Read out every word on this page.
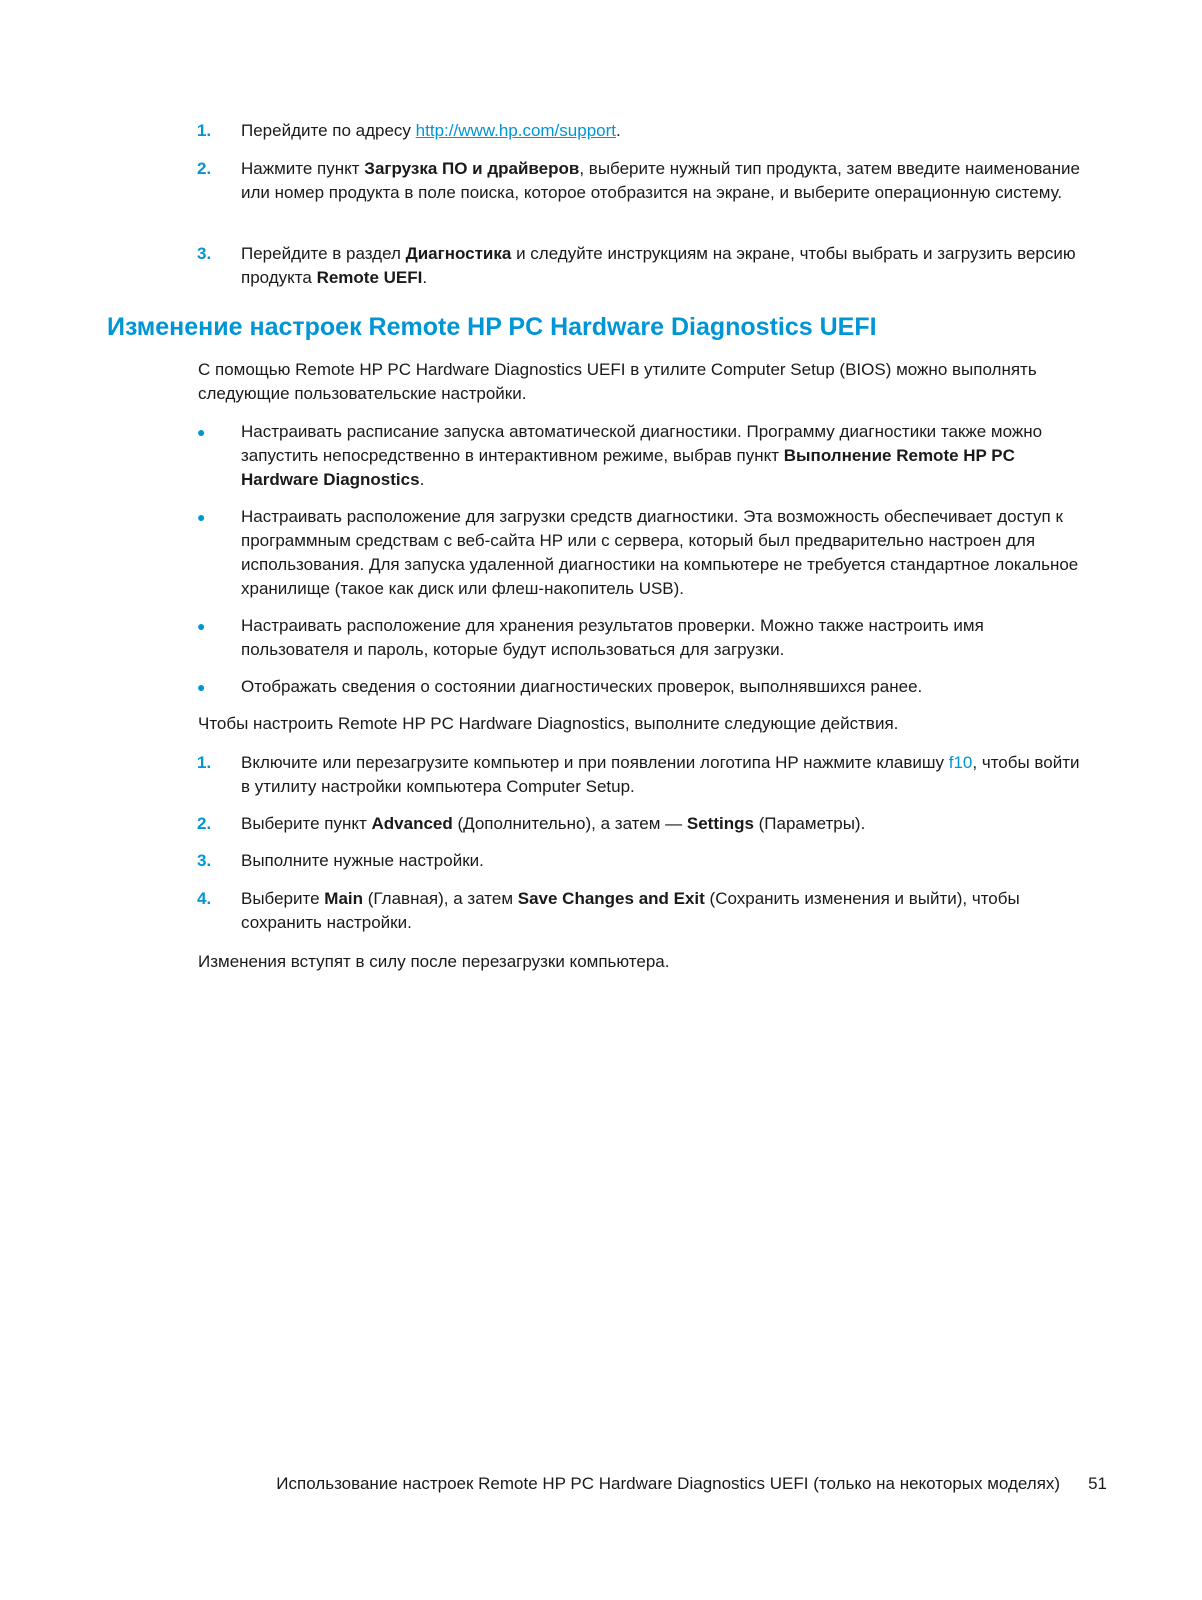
1. Перейдите по адресу http://www.hp.com/support.
2. Нажмите пункт Загрузка ПО и драйверов, выберите нужный тип продукта, затем введите наименование или номер продукта в поле поиска, которое отобразится на экране, и выберите операционную систему.
3. Перейдите в раздел Диагностика и следуйте инструкциям на экране, чтобы выбрать и загрузить версию продукта Remote UEFI.
Изменение настроек Remote HP PC Hardware Diagnostics UEFI

С помощью Remote HP PC Hardware Diagnostics UEFI в утилите Computer Setup (BIOS) можно выполнять следующие пользовательские настройки.

● Настраивать расписание запуска автоматической диагностики. Программу диагностики также можно запустить непосредственно в интерактивном режиме, выбрав пункт Выполнение Remote HP PC Hardware Diagnostics.
● Настраивать расположение для загрузки средств диагностики. Эта возможность обеспечивает доступ к программным средствам с веб-сайта HP или с сервера, который был предварительно настроен для использования. Для запуска удаленной диагностики на компьютере не требуется стандартное локальное хранилище (такое как диск или флеш-накопитель USB).
● Настраивать расположение для хранения результатов проверки. Можно также настроить имя пользователя и пароль, которые будут использоваться для загрузки.
● Отображать сведения о состоянии диагностических проверок, выполнявшихся ранее.

Чтобы настроить Remote HP PC Hardware Diagnostics, выполните следующие действия.

1. Включите или перезагрузите компьютер и при появлении логотипа HP нажмите клавишу f10, чтобы войти в утилиту настройки компьютера Computer Setup.
2. Выберите пункт Advanced (Дополнительно), а затем — Settings (Параметры).
3. Выполните нужные настройки.
4. Выберите Main (Главная), а затем Save Changes and Exit (Сохранить изменения и выйти), чтобы сохранить настройки.

Изменения вступят в силу после перезагрузки компьютера.

Использование настроек Remote HP PC Hardware Diagnostics UEFI (только на некоторых моделях) 51
